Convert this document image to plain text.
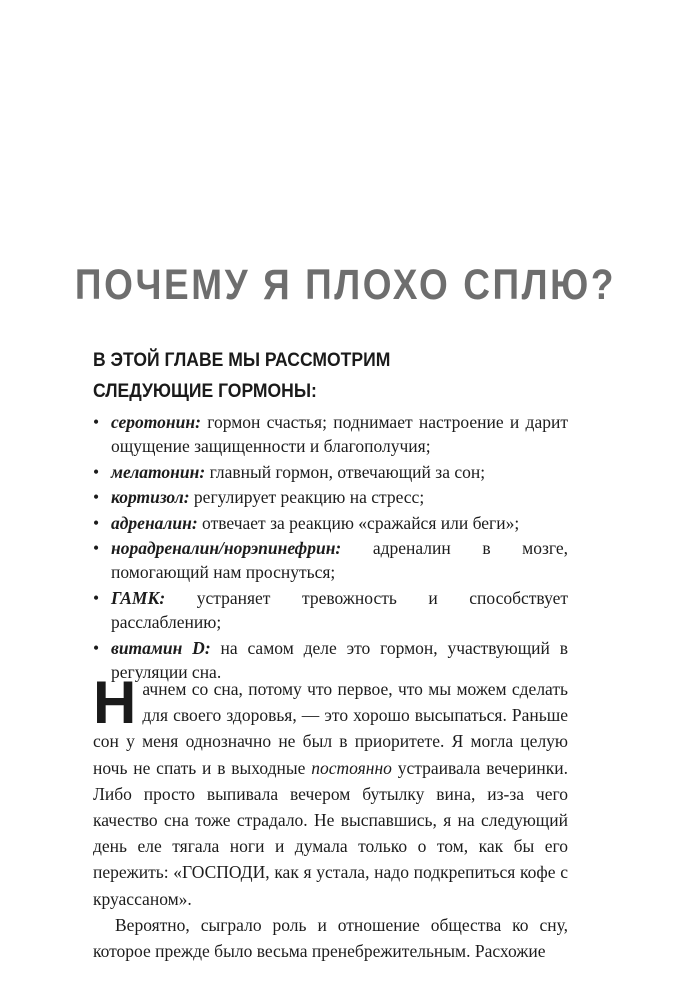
ПОЧЕМУ Я ПЛОХО СПЛЮ?
В ЭТОЙ ГЛАВЕ МЫ РАССМОТРИМ
СЛЕДУЮЩИЕ ГОРМОНЫ:
• серотонин: гормон счастья; поднимает настроение и дарит ощущение защищенности и благополучия;
• мелатонин: главный гормон, отвечающий за сон;
• кортизол: регулирует реакцию на стресс;
• адреналин: отвечает за реакцию «сражайся или беги»;
• норадреналин/норэпинефрин: адреналин в мозге, помогающий нам проснуться;
• ГАМК: устраняет тревожность и способствует расслаблению;
• витамин D: на самом деле это гормон, участвующий в регуляции сна.

Начнем со сна, потому что первое, что мы можем сделать для своего здоровья, — это хорошо высыпаться. Раньше сон у меня однозначно не был в приоритете. Я могла целую ночь не спать и в выходные постоянно устраивала вечеринки. Либо просто выпивала вечером бутылку вина, из-за чего качество сна тоже страдало. Не выспавшись, я на следующий день еле тягала ноги и думала только о том, как бы его пережить: «ГОСПОДИ, как я устала, надо подкрепиться кофе с круассаном».

Вероятно, сыграло роль и отношение общества ко сну, которое прежде было весьма пренебрежительным. Расхожие
